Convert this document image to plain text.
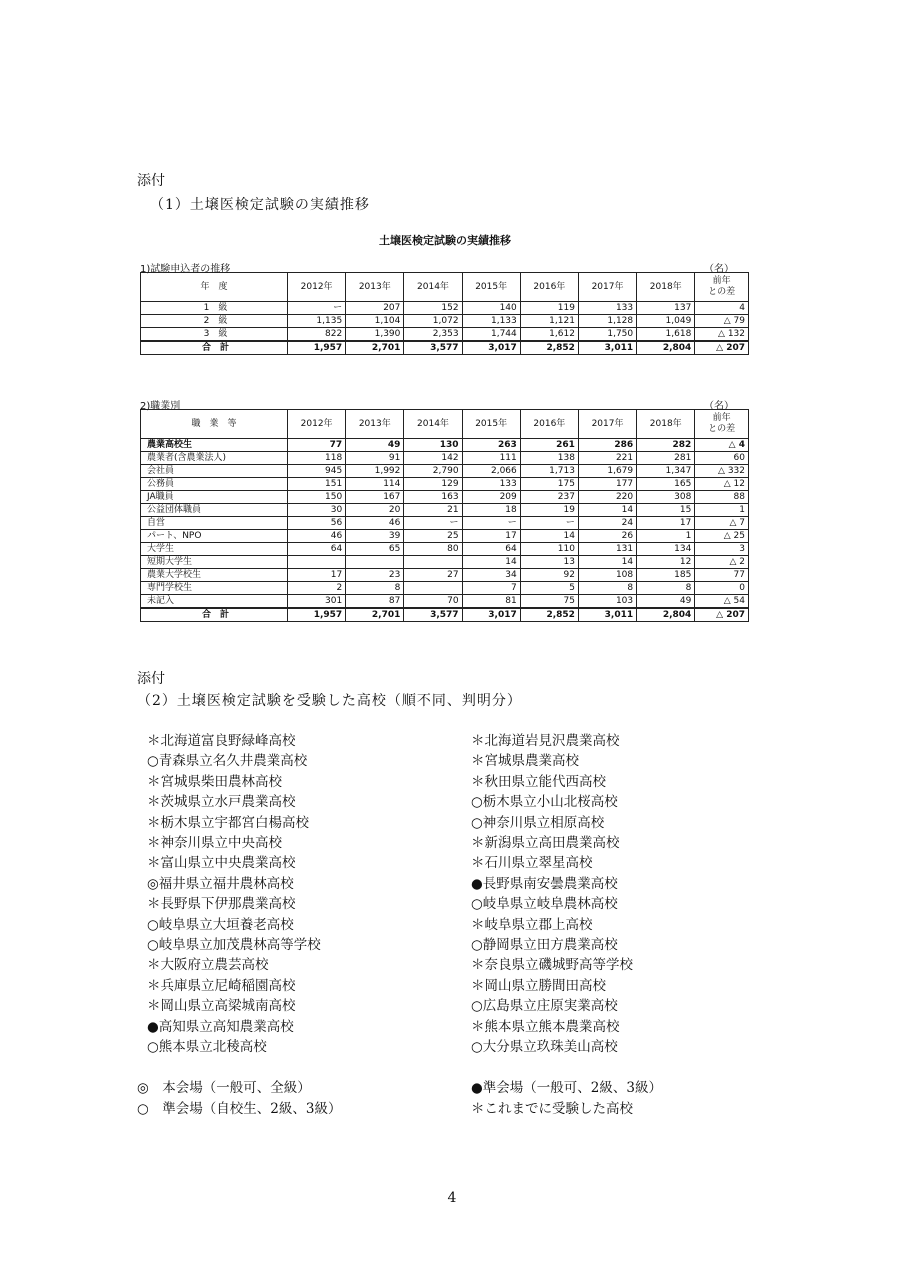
添付
（1）土壌医検定試験の実績推移
土壌医検定試験の実績推移
1)試験申込者の推移	（名）
年　度	2012年	2013年	2014年	2015年	2016年	2017年	2018年	前年
との差

1　級	ー	207	152	140	119	133	137	4
2　級	1,135	1,104	1,072	1,133	1,121	1,128	1,049	△ 79
3　級	822	1,390	2,353	1,744	1,612	1,750	1,618	△ 132
合　計	1,957	2,701	3,577	3,017	2,852	3,011	2,804	△ 207
2)職業別	（名）
職　業　等	2012年	2013年	2014年	2015年	2016年	2017年	2018年	前年
との差

農業高校生	77	49	130	263	261	286	282	△ 4
農業者(含農業法人)	118	91	142	111	138	221	281	60
会社員	945	1,992	2,790	2,066	1,713	1,679	1,347	△ 332
公務員	151	114	129	133	175	177	165	△ 12
JA職員	150	167	163	209	237	220	308	88
公益団体職員	30	20	21	18	19	14	15	1
自営	56	46	ー	ー	ー	24	17	△ 7
パート、NPO	46	39	25	17	14	26	1	△ 25
大学生	64	65	80	64	110	131	134	3
短期大学生				14	13	14	12	△ 2
農業大学校生	17	23	27	34	92	108	185	77
専門学校生	2	8		7	5	8	8	0
未記入	301	87	70	81	75	103	49	△ 54
合　計	1,957	2,701	3,577	3,017	2,852	3,011	2,804	△ 207
添付
（2）土壌医検定試験を受験した高校（順不同、判明分）
＊北海道富良野緑峰高校
○青森県立名久井農業高校
＊宮城県柴田農林高校
＊茨城県立水戸農業高校
＊栃木県立宇都宮白楊高校
＊神奈川県立中央高校
＊富山県立中央農業高校
◎福井県立福井農林高校
＊長野県下伊那農業高校
○岐阜県立大垣養老高校
○岐阜県立加茂農林高等学校
＊大阪府立農芸高校
＊兵庫県立尼崎稲園高校
＊岡山県立高梁城南高校
●高知県立高知農業高校
○熊本県立北稜高校
＊北海道岩見沢農業高校
＊宮城県農業高校
＊秋田県立能代西高校
○栃木県立小山北桜高校
○神奈川県立相原高校
＊新潟県立高田農業高校
＊石川県立翠星高校
●長野県南安曇農業高校
○岐阜県立岐阜農林高校
＊岐阜県立郡上高校
○静岡県立田方農業高校
＊奈良県立磯城野高等学校
＊岡山県立勝間田高校
○広島県立庄原実業高校
＊熊本県立熊本農業高校
○大分県立玖珠美山高校
◎　本会場（一般可、全級）
○　準会場（自校生、2級、3級）
●準会場（一般可、2級、3級）
＊これまでに受験した高校
4
